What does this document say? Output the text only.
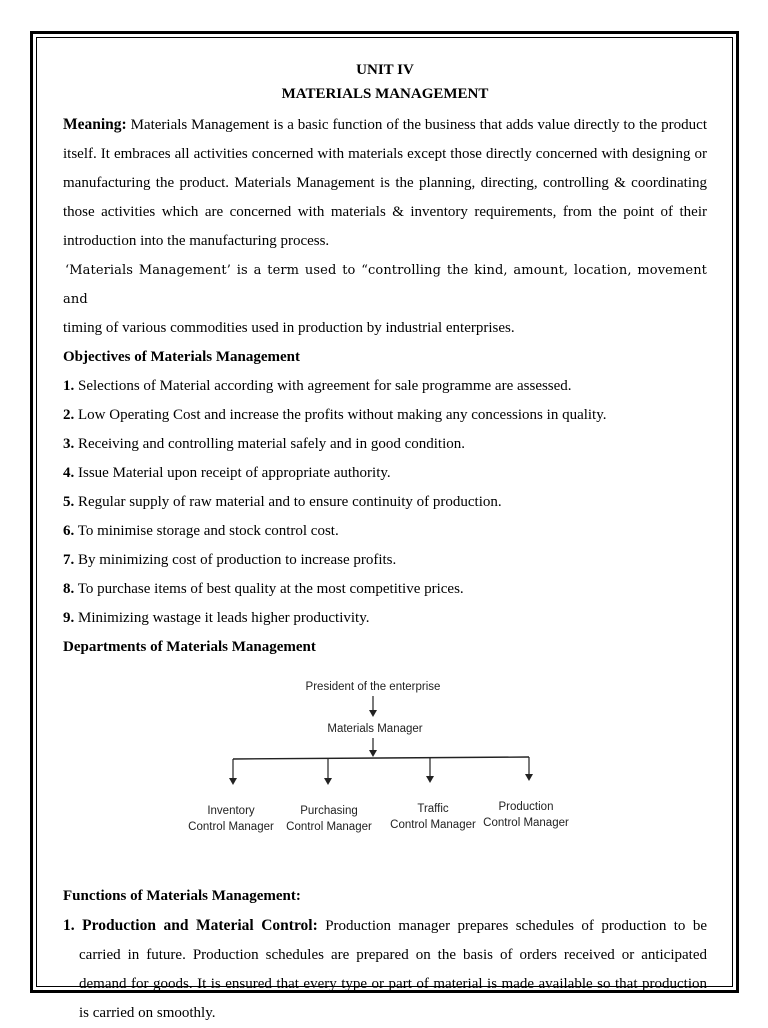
UNIT IV
MATERIALS MANAGEMENT

Meaning: Materials Management is a basic function of the business that adds value directly to the product itself. It embraces all activities concerned with materials except those directly concerned with designing or manufacturing the product. Materials Management is the planning, directing, controlling & coordinating those activities which are concerned with materials & inventory requirements, from the point of their introduction into the manufacturing process.

‘Materials Management’ is a term used to “controlling the kind, amount, location, movement and
timing of various commodities used in production by industrial enterprises.

Objectives of Materials Management
1. Selections of Material according with agreement for sale programme are assessed.
2. Low Operating Cost and increase the profits without making any concessions in quality.
3. Receiving and controlling material safely and in good condition.
4. Issue Material upon receipt of appropriate authority.
5. Regular supply of raw material and to ensure continuity of production.
6. To minimise storage and stock control cost.
7. By minimizing cost of production to increase profits.
8. To purchase items of best quality at the most competitive prices.
9. Minimizing wastage it leads higher productivity.
Departments of Materials Management
President of the enterprise
Materials Manager
Inventory
Control Manager
Purchasing
Control Manager
Traffic
Control Manager
Production
Control Manager
Functions of Materials Management:

1. Production and Material Control: Production manager prepares schedules of production to be carried in future. Production schedules are prepared on the basis of orders received or anticipated demand for goods. It is ensured that every type or part of material is made available so that production is carried on smoothly.
